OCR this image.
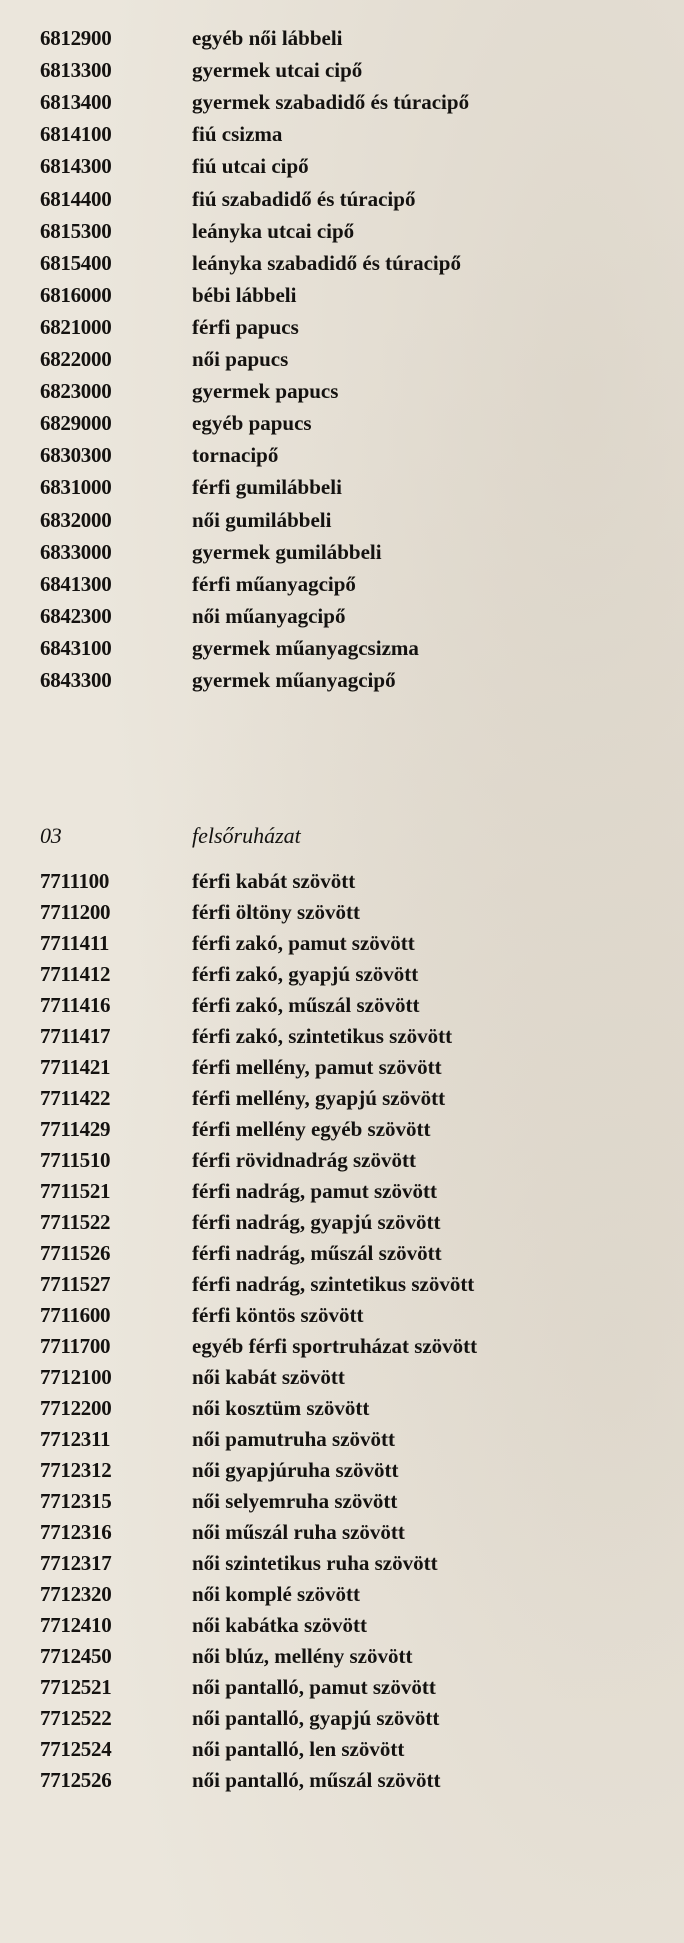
6812900	egyéb női lábbeli
6813300	gyermek utcai cipő
6813400	gyermek szabadidő és túracipő
6814100	fiú csizma
6814300	fiú utcai cipő
6814400	fiú szabadidő és túracipő
6815300	leányka utcai cipő
6815400	leányka szabadidő és túracipő
6816000	bébi lábbeli
6821000	férfi papucs
6822000	női papucs
6823000	gyermek papucs
6829000	egyéb papucs
6830300	tornacipő
6831000	férfi gumilábbeli
6832000	női gumilábbeli
6833000	gyermek gumilábbeli
6841300	férfi műanyagcipő
6842300	női műanyagcipő
6843100	gyermek műanyagcsizma
6843300	gyermek műanyagcipő
03	felsőruházat
7711100	férfi kabát szövött
7711200	férfi öltöny szövött
7711411	férfi zakó, pamut szövött
7711412	férfi zakó, gyapjú szövött
7711416	férfi zakó, műszál szövött
7711417	férfi zakó, szintetikus szövött
7711421	férfi mellény, pamut szövött
7711422	férfi mellény, gyapjú szövött
7711429	férfi mellény egyéb szövött
7711510	férfi rövidnadrág szövött
7711521	férfi nadrág, pamut szövött
7711522	férfi nadrág, gyapjú szövött
7711526	férfi nadrág, műszál szövött
7711527	férfi nadrág, szintetikus szövött
7711600	férfi köntös szövött
7711700	egyéb férfi sportruházat szövött
7712100	női kabát szövött
7712200	női kosztüm szövött
7712311	női pamutruha szövött
7712312	női gyapjúruha szövött
7712315	női selyemruha szövött
7712316	női műszál ruha szövött
7712317	női szintetikus ruha szövött
7712320	női komplé szövött
7712410	női kabátka szövött
7712450	női blúz, mellény szövött
7712521	női pantalló, pamut szövött
7712522	női pantalló, gyapjú szövött
7712524	női pantalló, len szövött
7712526	női pantalló, műszál szövött
